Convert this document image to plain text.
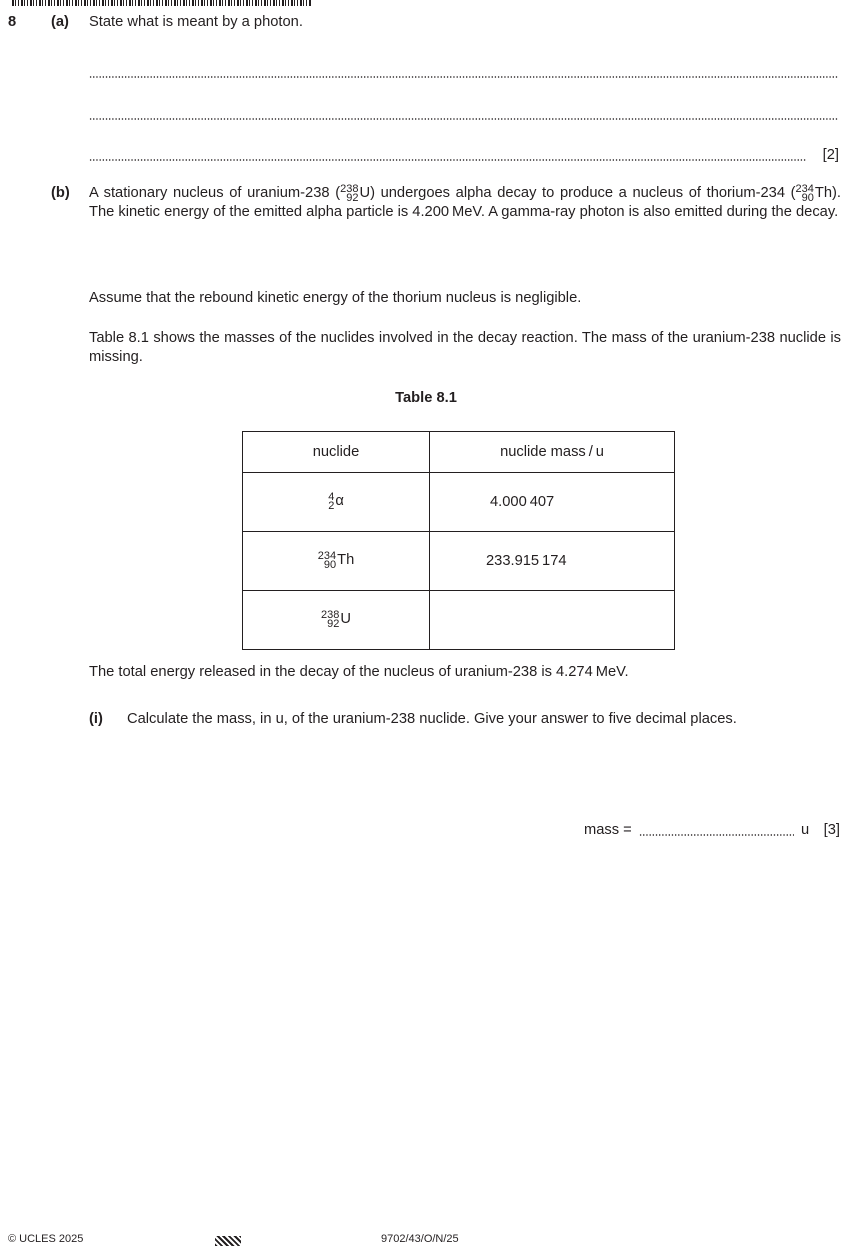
8 (a) State what is meant by a photon.
[2]
(b) A stationary nucleus of uranium-238 ( 238
92 U) undergoes alpha decay to produce a nucleus of thorium-234 ( 234
90 Th). The kinetic energy of the emitted alpha particle is 4.200 MeV. A gamma-ray photon is also emitted during the decay.
Assume that the rebound kinetic energy of the thorium nucleus is negligible.
Table 8.1 shows the masses of the nuclides involved in the decay reaction. The mass of the uranium-238 nuclide is missing.
Table 8.1
nuclide	nuclide mass / u

4
2 α	4.000 407

234
90 Th	233.915 174

238
92 U	
The total energy released in the decay of the nucleus of uranium-238 is 4.274 MeV.
(i) Calculate the mass, in u, of the uranium-238 nuclide. Give your answer to five decimal places.
mass =	u [3]
© UCLES 2025	9702/43/O/N/25
